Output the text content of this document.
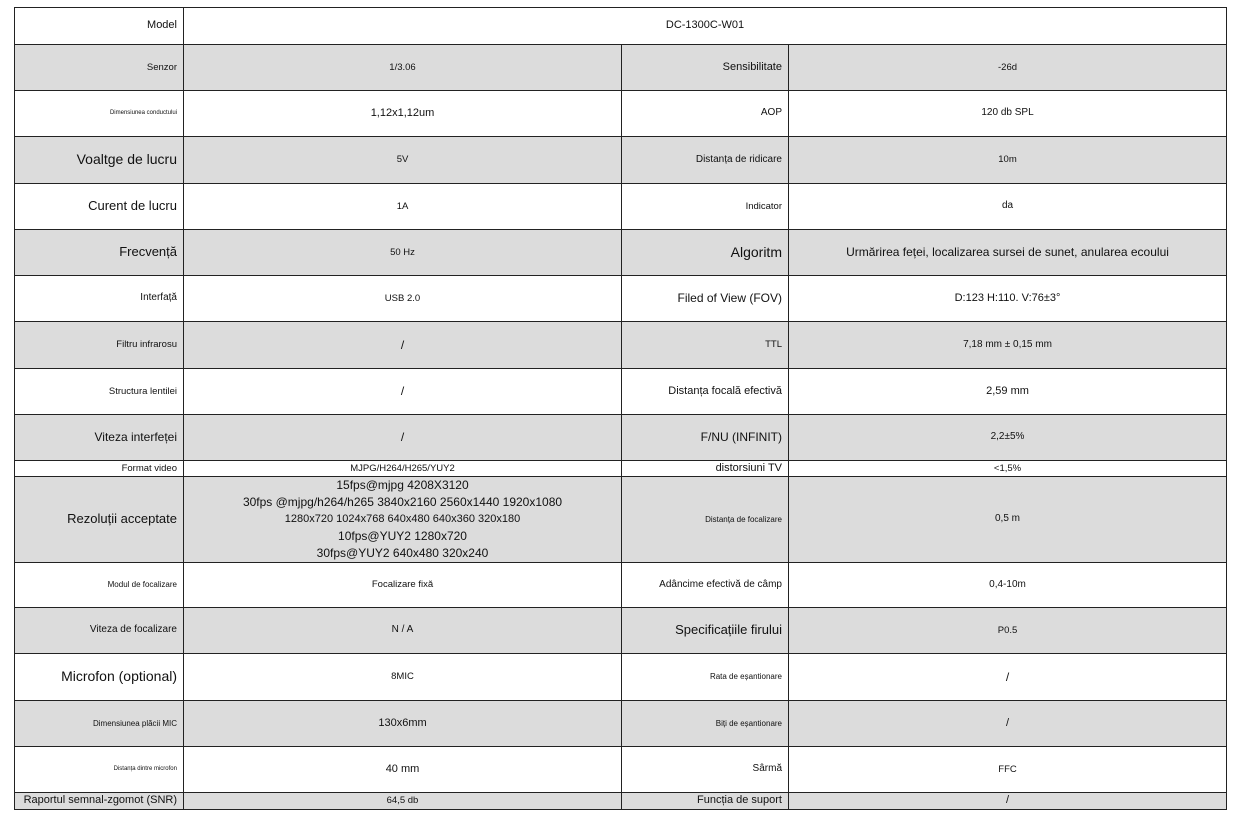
Model	DC-1300C-W01		
Senzor	1/3.06	Sensibilitate	-26d
Dimensiunea conductului	1,12x1,12um	AOP	120 db SPL
Voaltge de lucru	5V	Distanța de ridicare	10m
Curent de lucru	1A	Indicator	da
Frecvență	50 Hz	Algoritm	Urmărirea feței, localizarea sursei de sunet, anularea ecoului
Interfață	USB 2.0	Filed of View (FOV)	D:123 H:110. V:76±3°
Filtru infrarosu	/	TTL	7,18 mm ± 0,15 mm
Structura lentilei	/	Distanța focală efectivă	2,59 mm
Viteza interfeței	/	F/NU (INFINIT)	2,2±5%
Format video	MJPG/H264/H265/YUY2	distorsiuni TV	<1,5%
Rezoluții acceptate	15fps@mjpg 4208X3120
30fps @mjpg/h264/h265 3840x2160 2560x1440 1920x1080
1280x720 1024x768 640x480 640x360 320x180
10fps@YUY2 1280x720
30fps@YUY2 640x480 320x240	Distanța de focalizare	0,5 m
Modul de focalizare	Focalizare fixă	Adâncime efectivă de câmp	0,4-10m
Viteza de focalizare	N / A	Specificațiile firului	P0.5
Microfon (optional)	8MIC	Rata de eșantionare	/
Dimensiunea plăcii MIC	130x6mm	Biți de eșantionare	/
Distanța dintre microfon	40 mm	Sârmă	FFC
Raportul semnal-zgomot (SNR)	64,5 db	Funcția de suport	/
